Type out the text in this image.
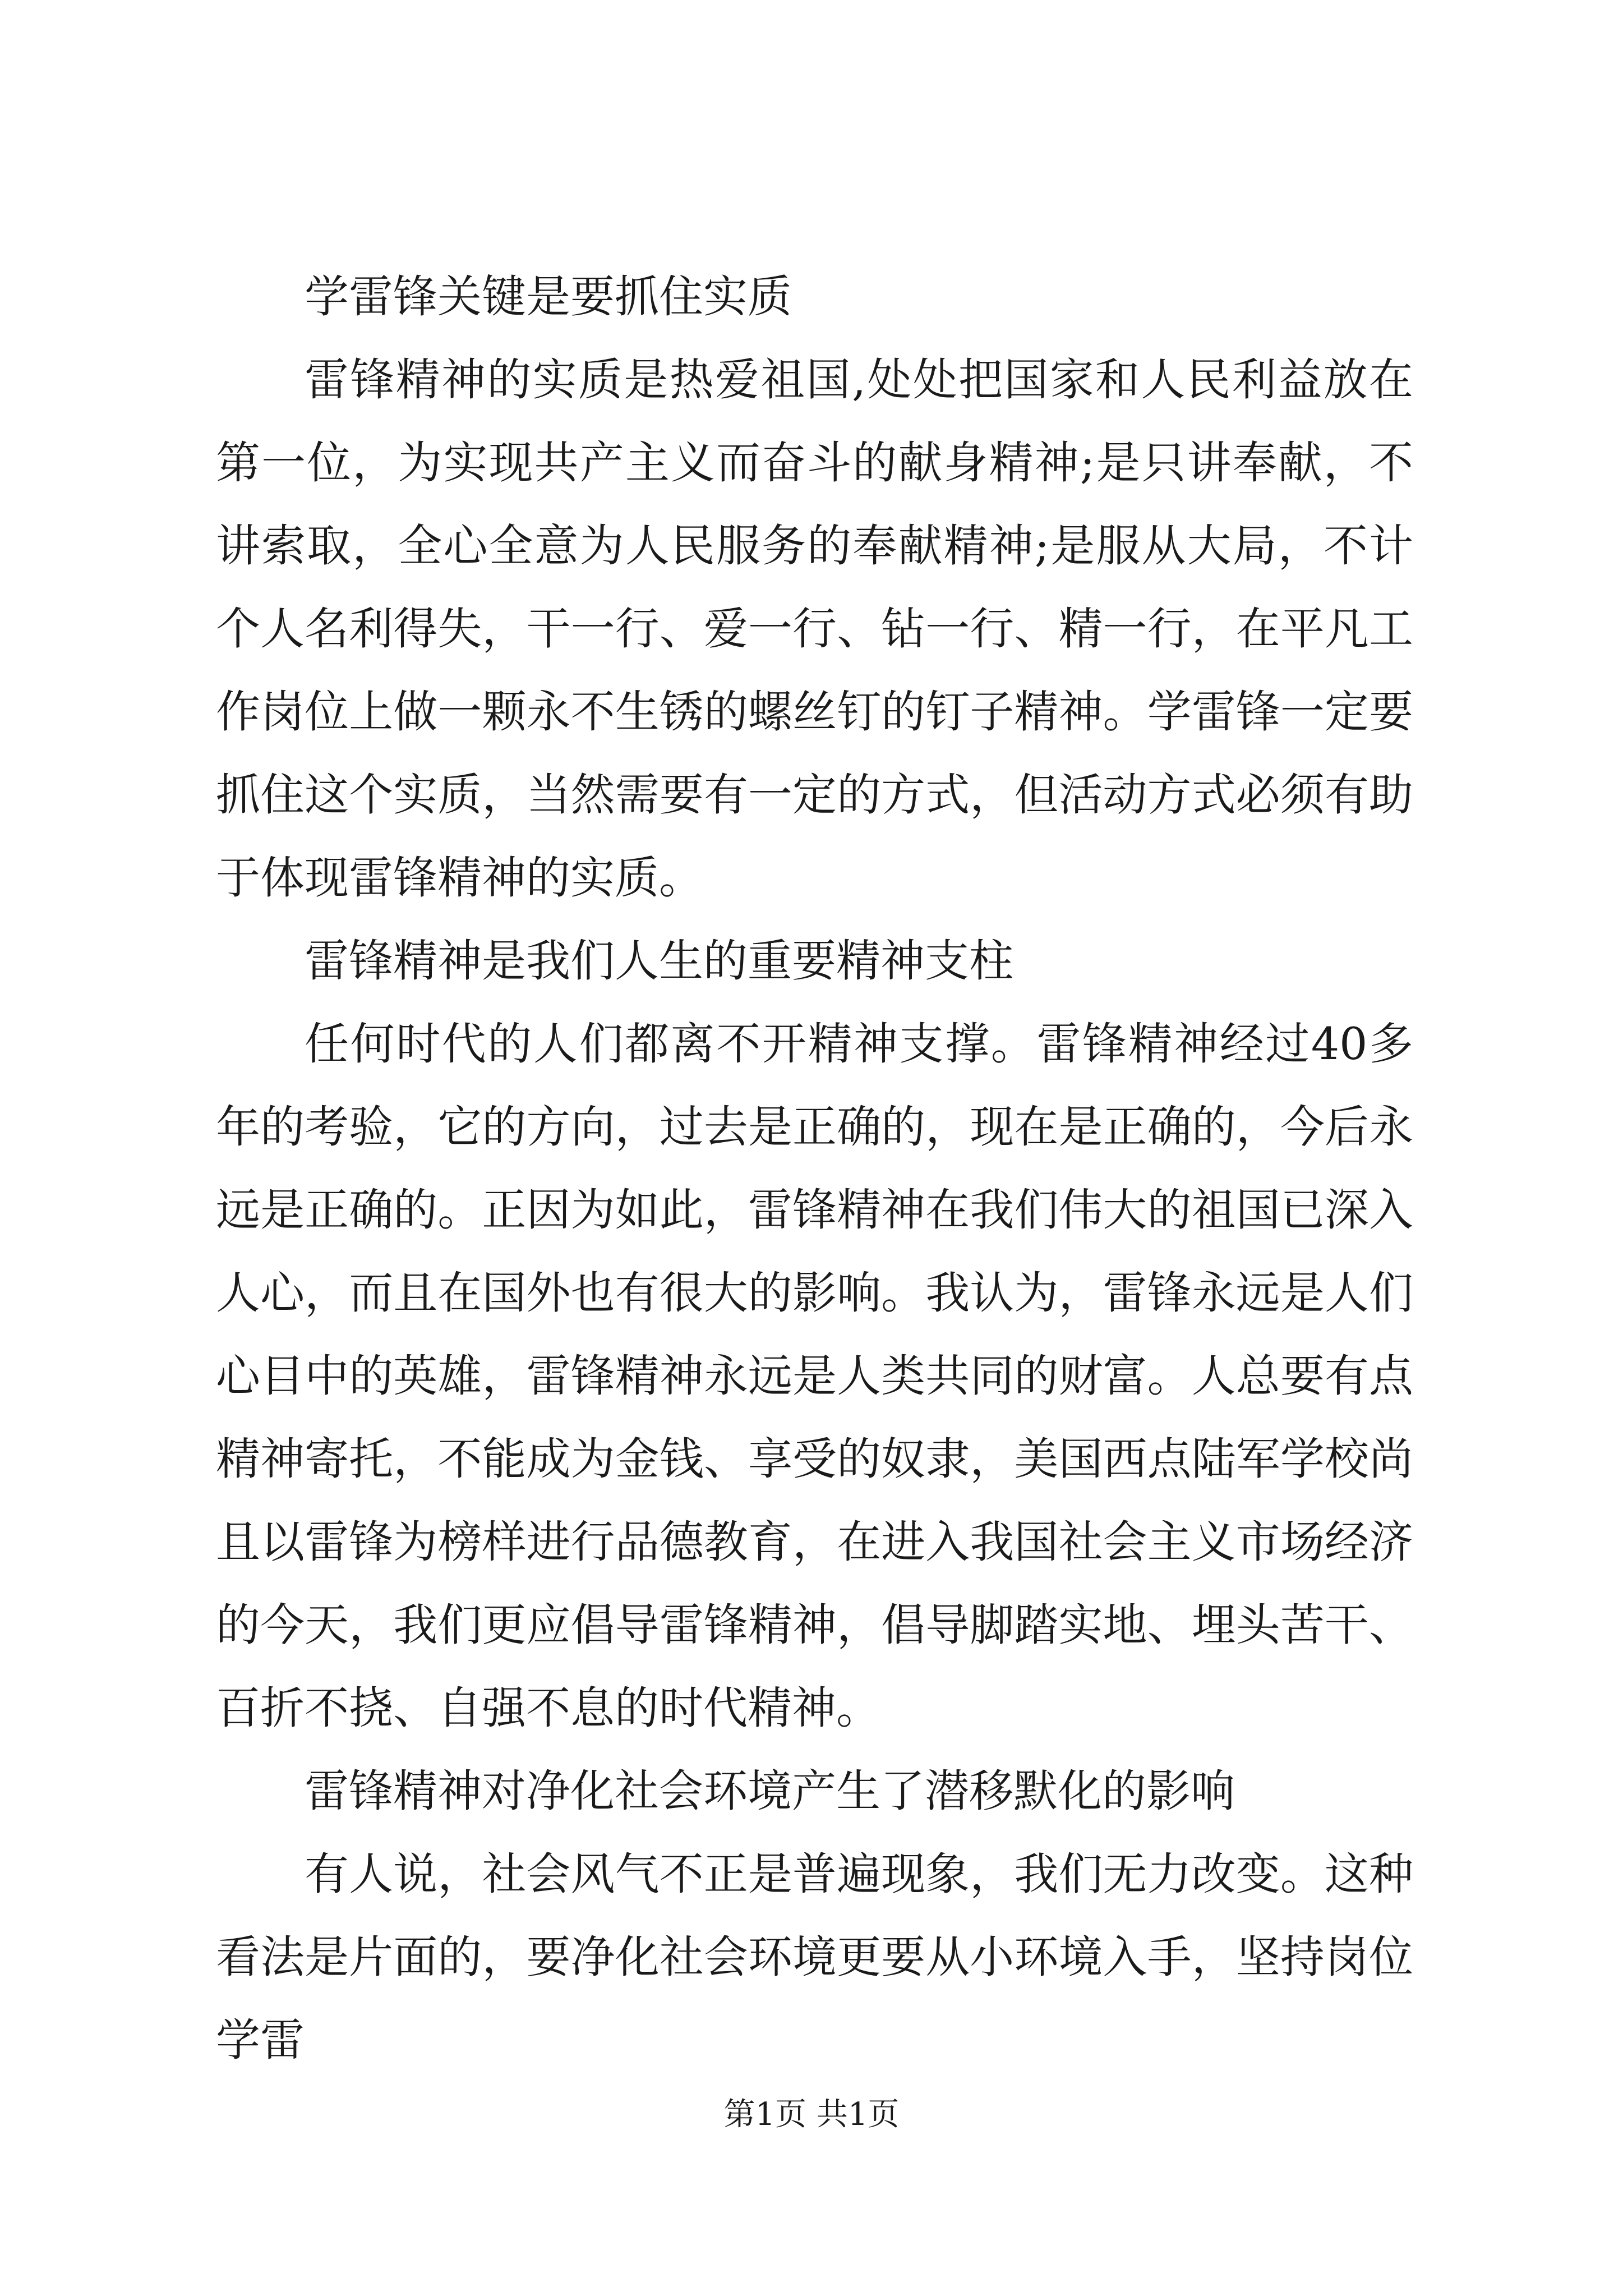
学雷锋关键是要抓住实质

雷锋精神的实质是热爱祖国,处处把国家和人民利益放在第一位，为实现共产主义而奋斗的献身精神;是只讲奉献，不讲索取，全心全意为人民服务的奉献精神;是服从大局，不计个人名利得失，干一行、爱一行、钻一行、精一行，在平凡工作岗位上做一颗永不生锈的螺丝钉的钉子精神。学雷锋一定要抓住这个实质，当然需要有一定的方式，但活动方式必须有助于体现雷锋精神的实质。

雷锋精神是我们人生的重要精神支柱

任何时代的人们都离不开精神支撑。雷锋精神经过40多年的考验，它的方向，过去是正确的，现在是正确的，今后永远是正确的。正因为如此，雷锋精神在我们伟大的祖国已深入人心，而且在国外也有很大的影响。我认为，雷锋永远是人们心目中的英雄，雷锋精神永远是人类共同的财富。人总要有点精神寄托，不能成为金钱、享受的奴隶，美国西点陆军学校尚且以雷锋为榜样进行品德教育，在进入我国社会主义市场经济的今天，我们更应倡导雷锋精神，倡导脚踏实地、埋头苦干、百折不挠、自强不息的时代精神。

雷锋精神对净化社会环境产生了潜移默化的影响

有人说，社会风气不正是普遍现象，我们无力改变。这种看法是片面的，要净化社会环境更要从小环境入手，坚持岗位学雷

第1页 共1页
